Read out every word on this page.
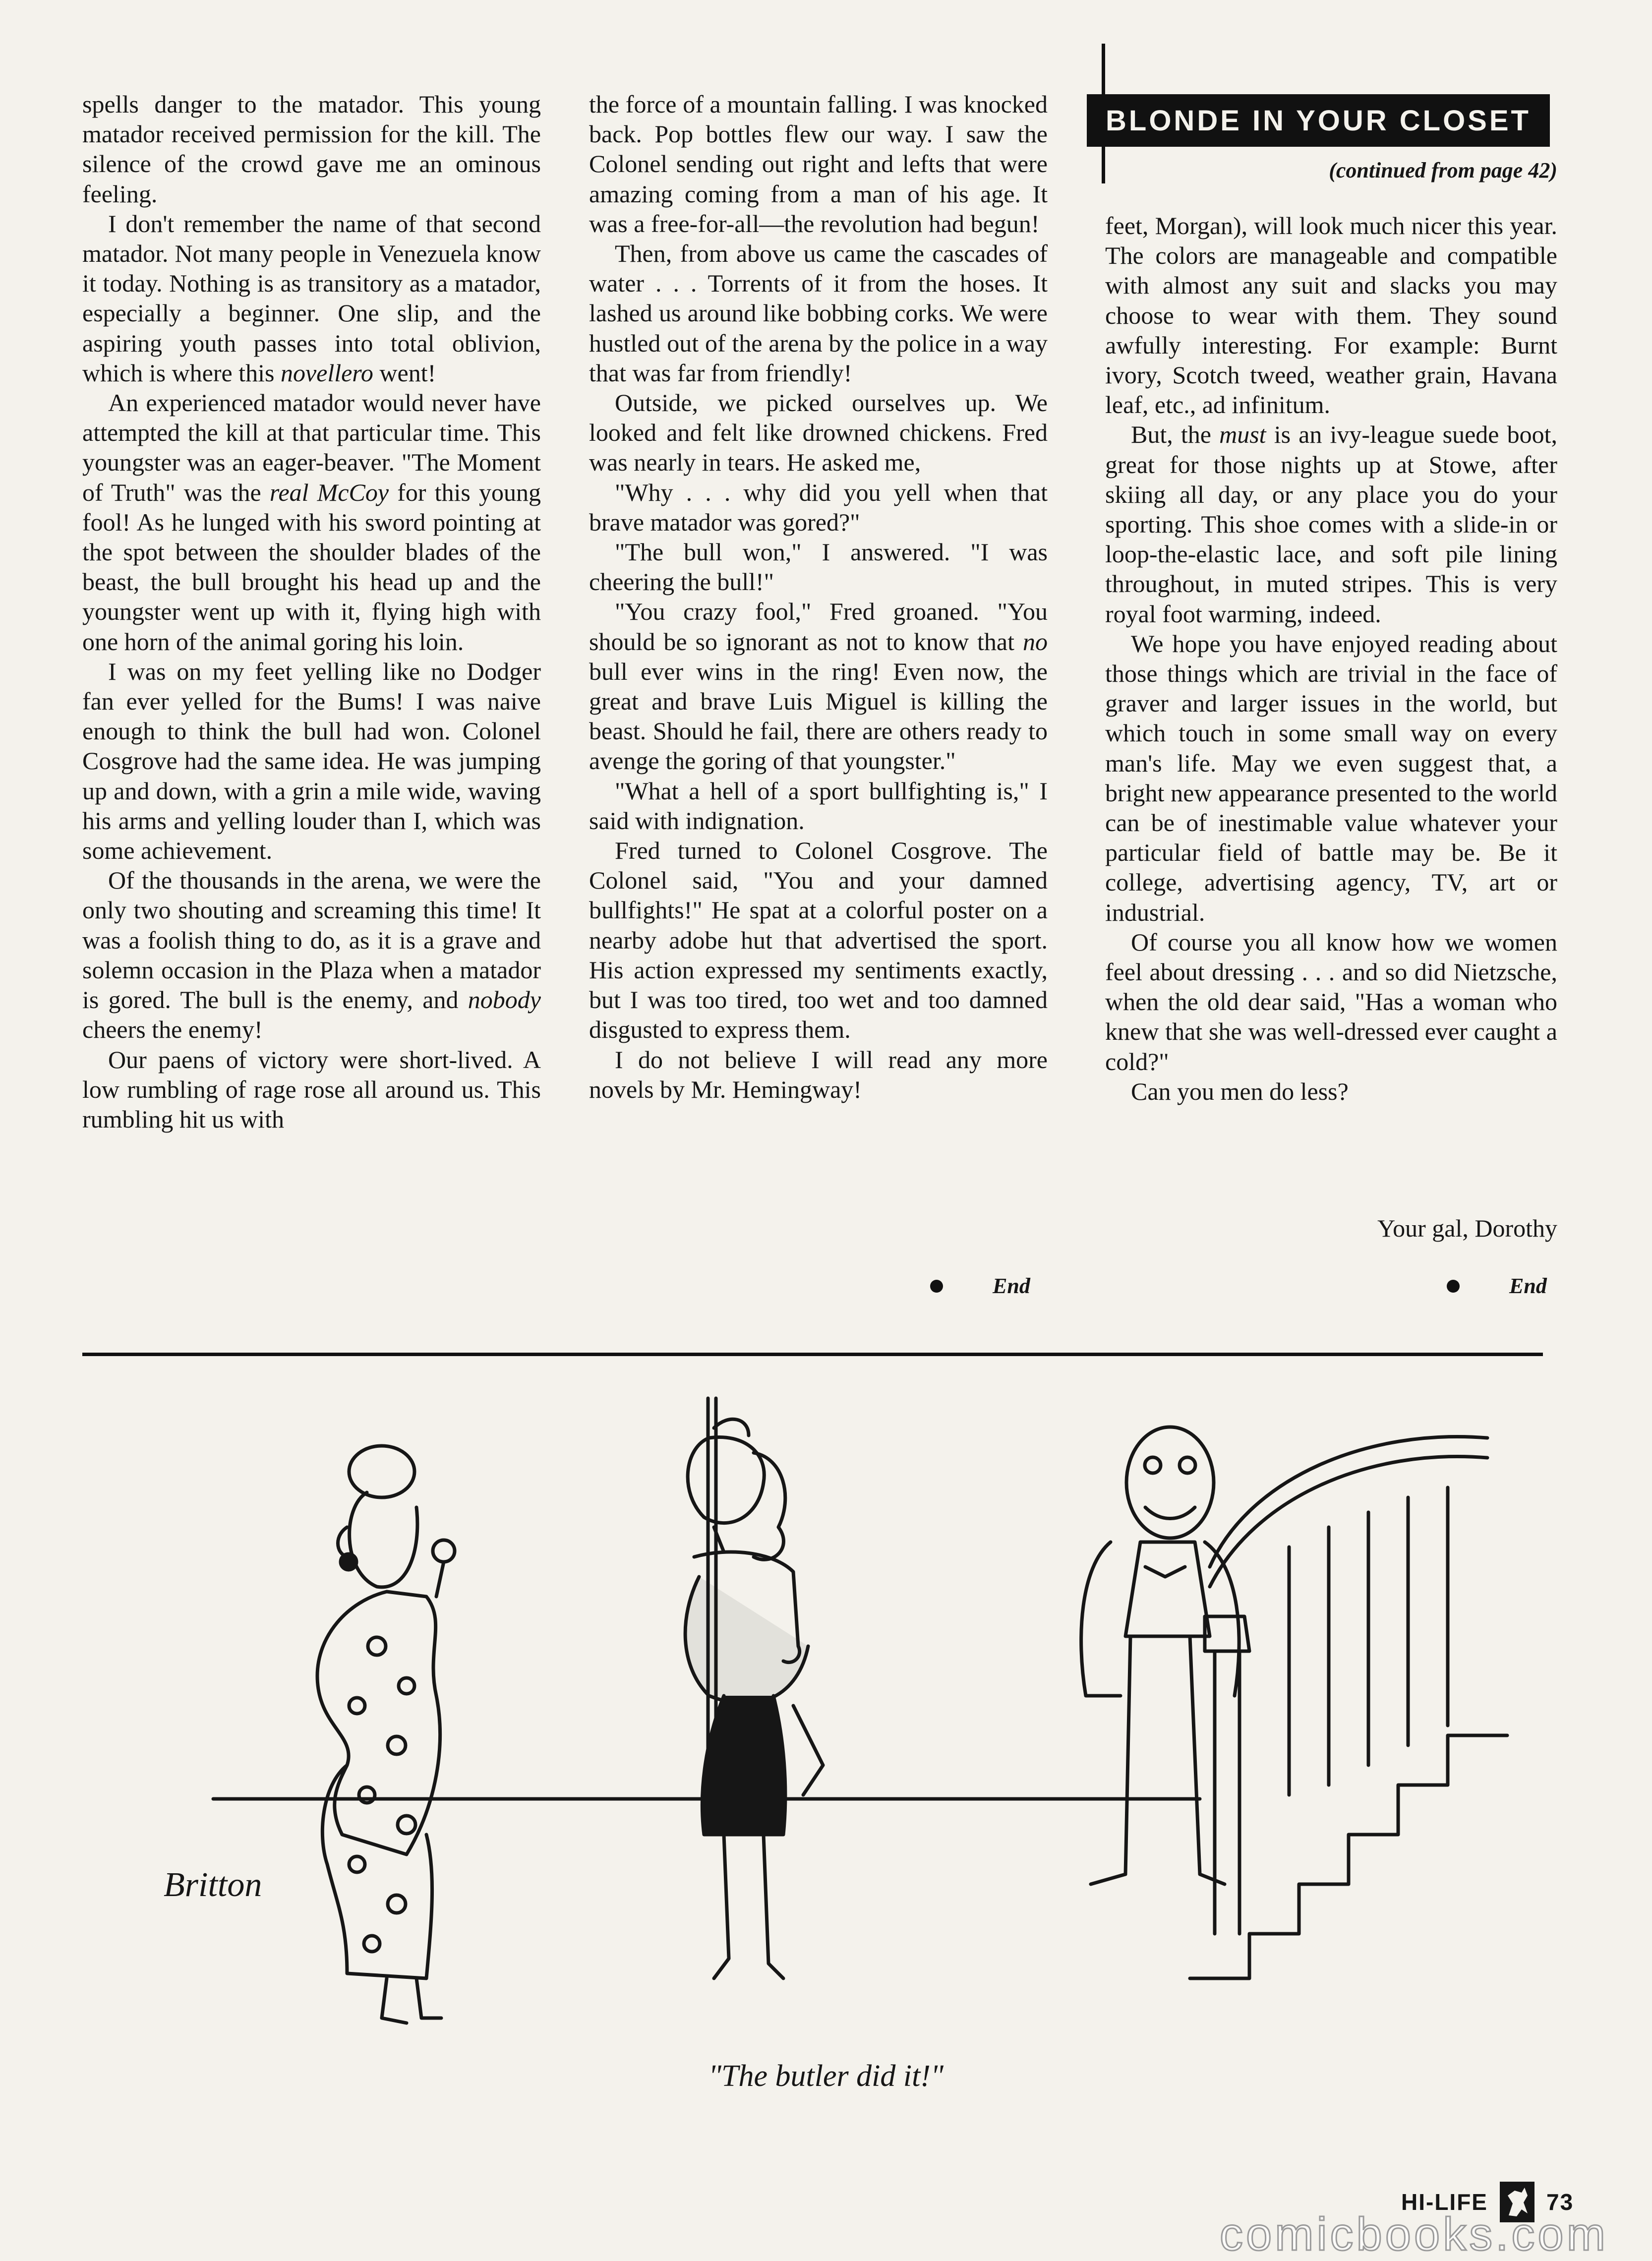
spells danger to the matador. This young matador received permission for the kill. The silence of the crowd gave me an ominous feeling.

I don't remember the name of that second matador. Not many people in Venezuela know it today. Nothing is as transitory as a matador, especially a beginner. One slip, and the aspiring youth passes into total oblivion, which is where this novellero went!

An experienced matador would never have attempted the kill at that particular time. This youngster was an eager-beaver. "The Moment of Truth" was the real McCoy for this young fool! As he lunged with his sword pointing at the spot between the shoulder blades of the beast, the bull brought his head up and the youngster went up with it, flying high with one horn of the animal goring his loin.

I was on my feet yelling like no Dodger fan ever yelled for the Bums! I was naive enough to think the bull had won. Colonel Cosgrove had the same idea. He was jumping up and down, with a grin a mile wide, waving his arms and yelling louder than I, which was some achievement.

Of the thousands in the arena, we were the only two shouting and screaming this time! It was a foolish thing to do, as it is a grave and solemn occasion in the Plaza when a matador is gored. The bull is the enemy, and nobody cheers the enemy!

Our paens of victory were short-lived. A low rumbling of rage rose all around us. This rumbling hit us with

the force of a mountain falling. I was knocked back. Pop bottles flew our way. I saw the Colonel sending out right and lefts that were amazing coming from a man of his age. It was a free-for-all—the revolution had begun!

Then, from above us came the cascades of water . . . Torrents of it from the hoses. It lashed us around like bobbing corks. We were hustled out of the arena by the police in a way that was far from friendly!

Outside, we picked ourselves up. We looked and felt like drowned chickens. Fred was nearly in tears. He asked me,

"Why . . . why did you yell when that brave matador was gored?"

"The bull won," I answered. "I was cheering the bull!"

"You crazy fool," Fred groaned. "You should be so ignorant as not to know that no bull ever wins in the ring! Even now, the great and brave Luis Miguel is killing the beast. Should he fail, there are others ready to avenge the goring of that youngster."

"What a hell of a sport bullfighting is," I said with indignation.

Fred turned to Colonel Cosgrove. The Colonel said, "You and your damned bullfights!" He spat at a colorful poster on a nearby adobe hut that advertised the sport. His action expressed my sentiments exactly, but I was too tired, too wet and too damned disgusted to express them.

I do not believe I will read any more novels by Mr. Hemingway!

End
BLONDE IN YOUR CLOSET
(continued from page 42)

feet, Morgan), will look much nicer this year. The colors are manageable and compatible with almost any suit and slacks you may choose to wear with them. They sound awfully interesting. For example: Burnt ivory, Scotch tweed, weather grain, Havana leaf, etc., ad infinitum.

But, the must is an ivy-league suede boot, great for those nights up at Stowe, after skiing all day, or any place you do your sporting. This shoe comes with a slide-in or loop-the-elastic lace, and soft pile lining throughout, in muted stripes. This is very royal foot warming, indeed.

We hope you have enjoyed reading about those things which are trivial in the face of graver and larger issues in the world, but which touch in some small way on every man's life. May we even suggest that, a bright new appearance presented to the world can be of inestimable value whatever your particular field of battle may be. Be it college, advertising agency, TV, art or industrial.

Of course you all know how we women feel about dressing . . . and so did Nietzsche, when the old dear said, "Has a woman who knew that she was well-dressed ever caught a cold?"

Can you men do less?

Your gal, Dorothy
End
Britton
"The butler did it!"
HI-LIFE	73
comicbooks.com
